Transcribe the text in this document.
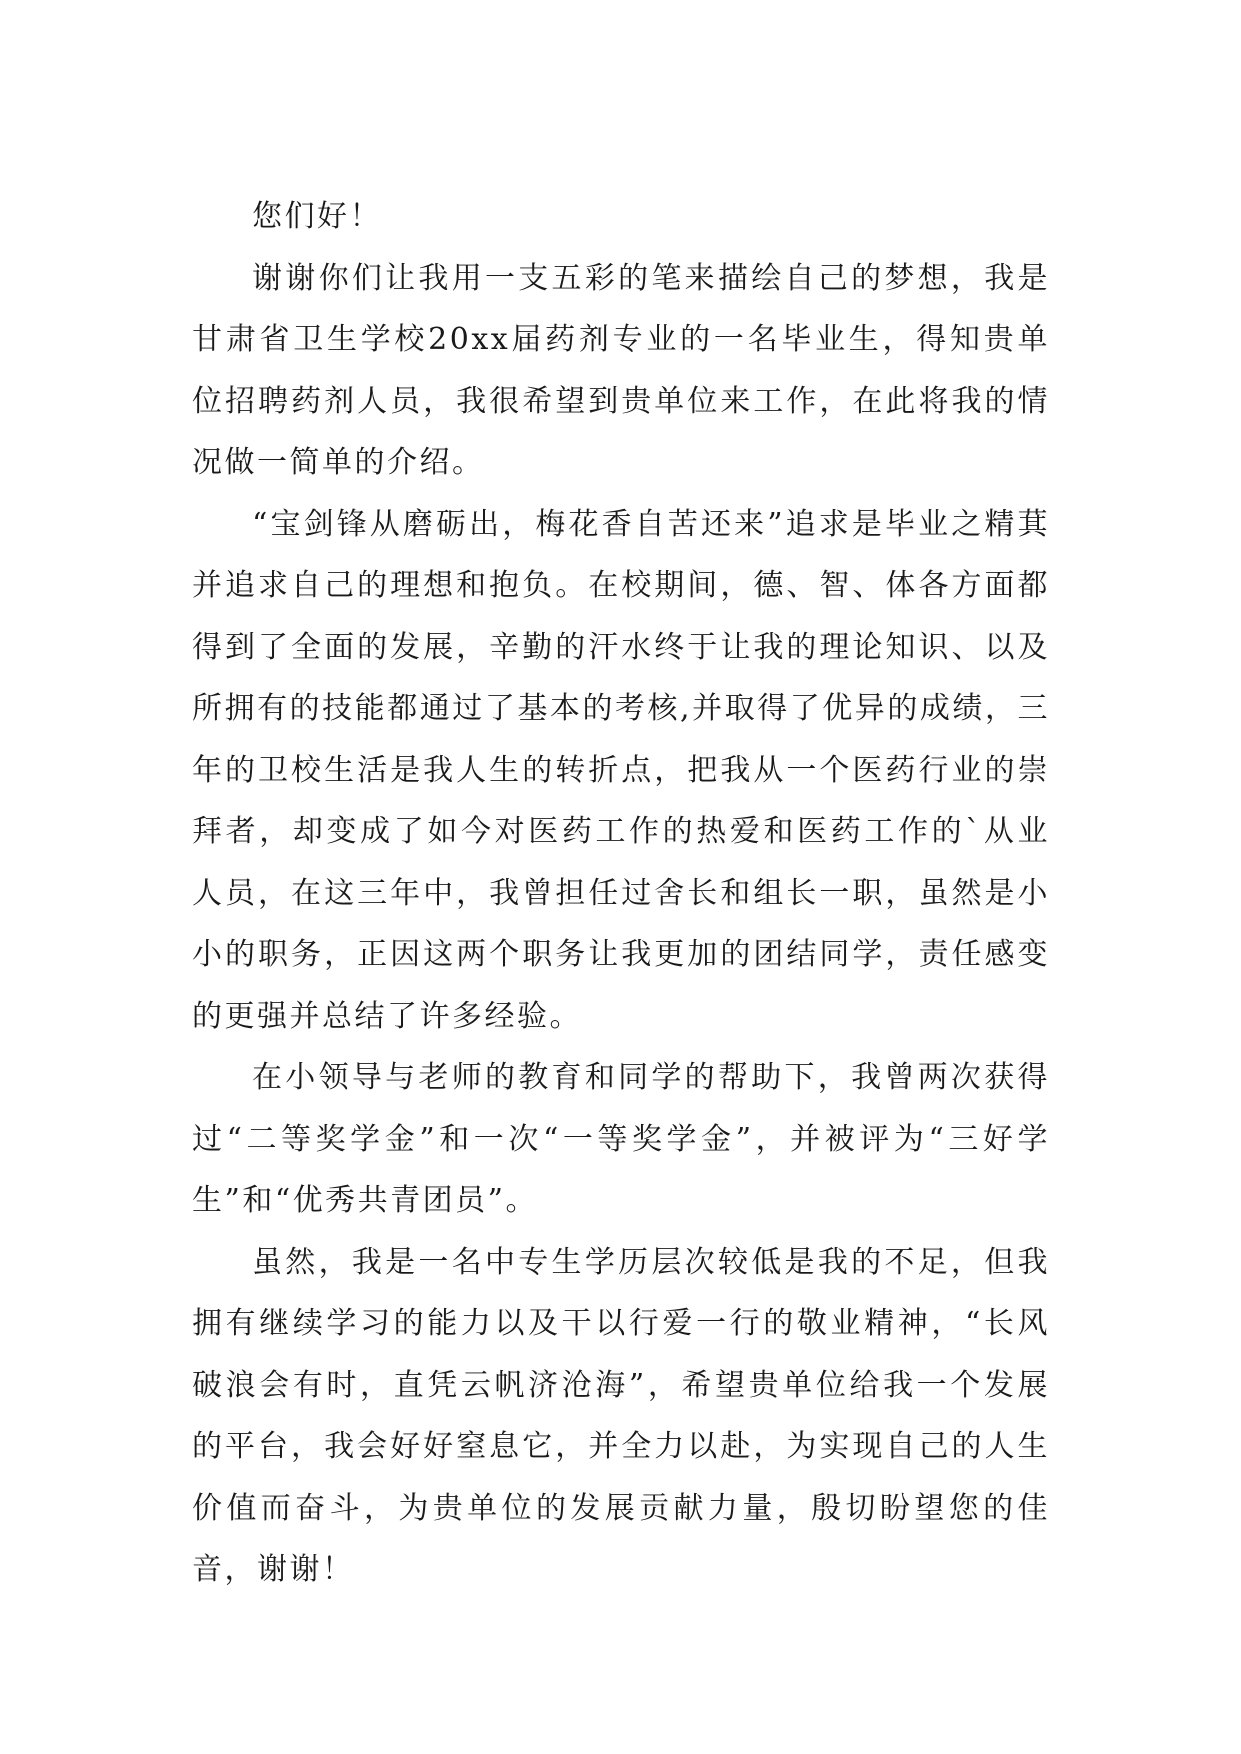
您们好！

谢谢你们让我用一支五彩的笔来描绘自己的梦想，我是甘肃省卫生学校20xx届药剂专业的一名毕业生，得知贵单位招聘药剂人员，我很希望到贵单位来工作，在此将我的情况做一简单的介绍。

“宝剑锋从磨砺出，梅花香自苦还来”追求是毕业之精萁并追求自己的理想和抱负。在校期间，德、智、体各方面都得到了全面的发展，辛勤的汗水终于让我的理论知识、以及所拥有的技能都通过了基本的考核,并取得了优异的成绩，三年的卫校生活是我人生的转折点，把我从一个医药行业的崇拜者，却变成了如今对医药工作的热爱和医药工作的`从业人员，在这三年中，我曾担任过舍长和组长一职，虽然是小小的职务，正因这两个职务让我更加的团结同学，责任感变的更强并总结了许多经验。

在小领导与老师的教育和同学的帮助下，我曾两次获得过“二等奖学金”和一次“一等奖学金”，并被评为“三好学生”和“优秀共青团员”。

虽然，我是一名中专生学历层次较低是我的不足，但我拥有继续学习的能力以及干以行爱一行的敬业精神，“长风破浪会有时，直凭云帆济沧海”，希望贵单位给我一个发展的平台，我会好好窒息它，并全力以赴，为实现自己的人生价值而奋斗，为贵单位的发展贡献力量，殷切盼望您的佳音，谢谢！
